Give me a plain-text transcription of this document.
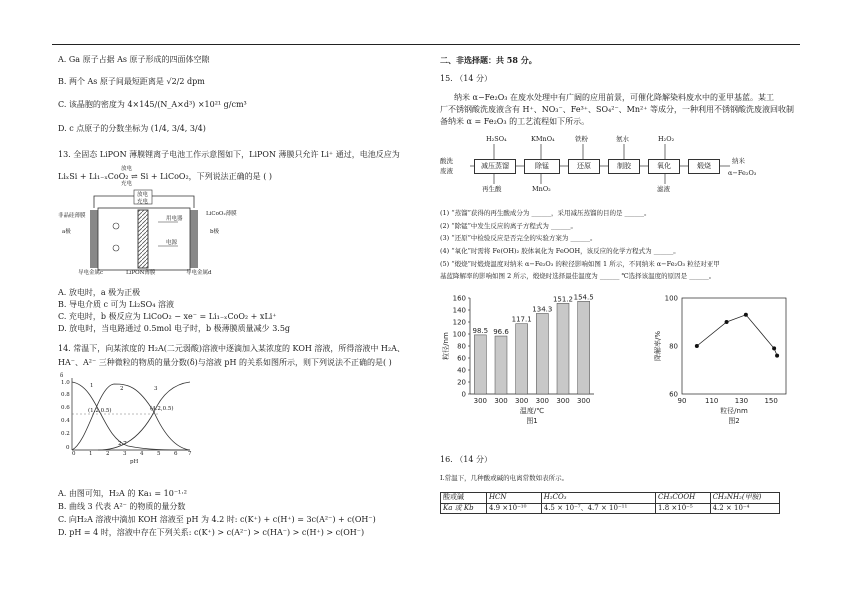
A. Ga 原子占据 As 原子形成的四面体空隙
B. 两个 As 原子间最短距离是 √2/2 dpm
C. 该晶胞的密度为 4×145/(N_A×d³) ×10²¹ g/cm³
D. c 点原子的分数坐标为 (1/4, 3/4, 3/4)
13. 全固态 LiPON 薄膜锂离子电池工作示意图如下，LiPON 薄膜只允许 Li⁺ 通过，电池反应为
LiₓSi + Li₁₋ₓCoO₂ ⇌ Si + LiCoO₂，下列说法正确的是 ( )
放电
充电
非晶硅薄膜
a极
放电
充电
用电器
电源
LiCoO₂薄膜
b极
导电金属c	LiPON薄膜	导电金属d
A. 放电时，a 极为正极
B. 导电介质 c 可为 Li₂SO₄ 溶液
C. 充电时，b 极反应为 LiCoO₂ − xe⁻ = Li₁₋ₓCoO₂ + xLi⁺
D. 放电时，当电路通过 0.5mol 电子时，b 极薄膜质量减少 3.5g
14. 常温下，向某浓度的 H₂A(二元弱酸)溶液中逐滴加入某浓度的 KOH 溶液，所得溶液中 H₂A、
HA⁻、A²⁻ 三种微粒的物质的量分数(δ)与溶液 pH 的关系如图所示，则下列说法不正确的是( )
δ
1.0
0.8
0.6
0.4
0.2
0
0 1 2 3 4 5 6 7
pH
1	2	3
(1.2,0.5)	(4.2,0.5)
2.7
A. 由图可知，H₂A 的 Ka₁ = 10⁻¹·²
B. 曲线 3 代表 A²⁻ 的物质的量分数
C. 向H₂A 溶液中滴加 KOH 溶液至 pH 为 4.2 时: c(K⁺) + c(H⁺) = 3c(A²⁻) + c(OH⁻)
D. pH = 4 时，溶液中存在下列关系: c(K⁺) > c(A²⁻) > c(HA⁻) > c(H⁺) > c(OH⁻)
二、非选择题：共 58 分。
15. （14 分）
纳米 α−Fe₂O₃ 在废水处理中有广阔的应用前景，可催化降解染料废水中的亚甲基蓝。某工
厂不锈钢酸洗废液含有 H⁺、NO₃⁻、Fe³⁺、SO₄²⁻、Mn²⁺ 等成分，一种利用不锈钢酸洗废液回收制
备纳米 α = Fe₂O₃ 的工艺流程如下所示。
酸洗
废液
H₂SO₄	KMnO₄	铁粉	氨水	H₂O₂
减压蒸馏	除锰	还原	制胶	氧化	煅烧
再生酸	MnO₂	滤液
纳米
α−Fe₂O₃
(1) “蒸馏”获得的再生酸成分为 ______，采用减压蒸馏的目的是 ______。
(2) “除锰”中发生反应的离子方程式为 ______。
(3) “还原”中检验反应是否完全的实验方案为 ______。
(4) “氧化”时需将 Fe(OH)₂ 胶体氧化为 FeOOH，该反应的化学方程式为 ______。
(5) “煅烧”时煅烧温度对纳米 α−Fe₂O₃ 的粒径影响如图 1 所示，不同纳米 α−Fe₂O₃ 粒径对亚甲
基蓝降解率的影响如图 2 所示，煅烧时选择最佳温度为 ______ ℃选择该温度的原因是 ______。
0
20
40
60
80
100
120
140
160
98.5
300
96.6
300
117.1
300
134.3
300
151.2
300
154.5
300
粒径/nm
温度/℃
图1
60
80
100
90	110 130 150
降解率/%
粒径/nm
图2
16. （14 分）
Ⅰ.常温下，几种酸或碱的电离常数如表所示。
酸或碱	HCN	H₂CO₃	CH₃COOH	CH₃NH₂(甲胺)
Ka 或 Kb	4.9 ×10⁻¹⁰	4.5 × 10⁻⁷、4.7 × 10⁻¹¹	1.8 ×10⁻⁵	4.2 × 10⁻⁴
